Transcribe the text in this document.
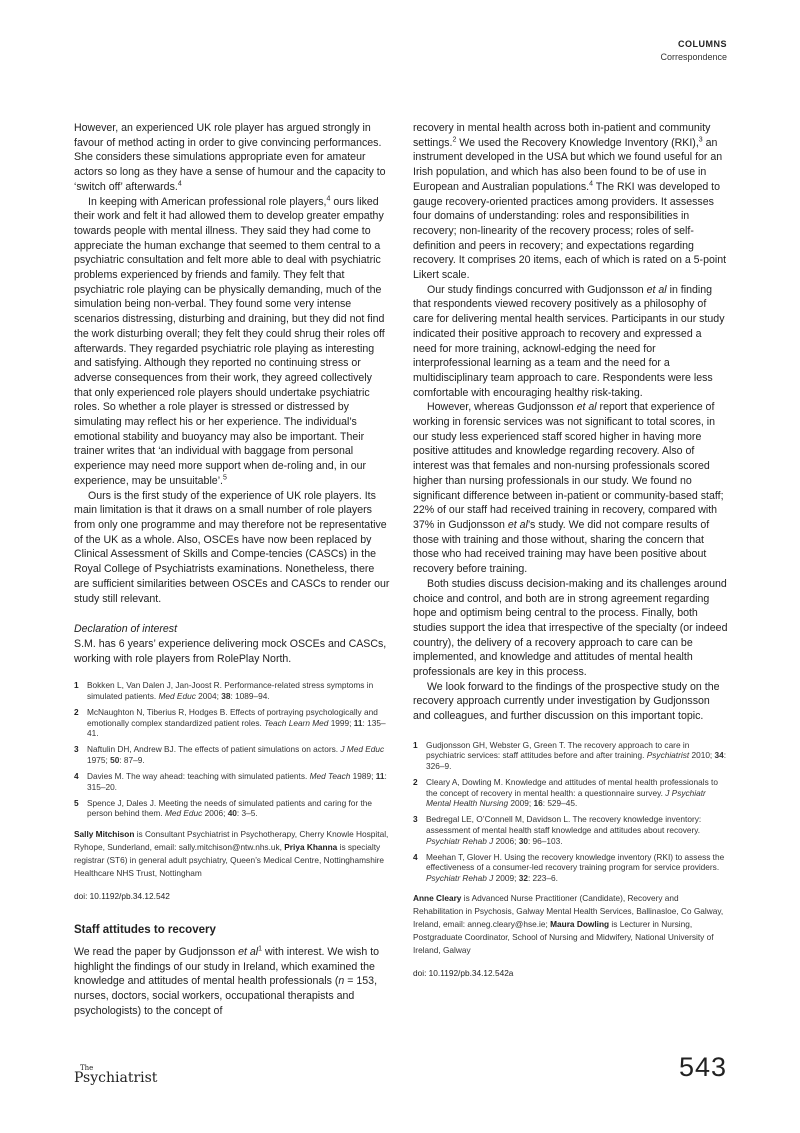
COLUMNS
Correspondence

However, an experienced UK role player has argued strongly in favour of method acting in order to give convincing performances. She considers these simulations appropriate even for amateur actors so long as they have a sense of humour and the capacity to ‘switch off’ afterwards.$^4$

In keeping with American professional role players,$^4$ ours liked their work and felt it had allowed them to develop greater empathy towards people with mental illness. They said they had come to appreciate the human exchange that seemed to them central to a psychiatric consultation and felt more able to deal with psychiatric problems experienced by friends and family. They felt that psychiatric role playing can be physically demanding, much of the simulation being non-verbal. They found some very intense scenarios distressing, disturbing and draining, but they did not find the work disturbing overall; they felt they could shrug their roles off afterwards. They regarded psychiatric role playing as interesting and satisfying. Although they reported no continuing stress or adverse consequences from their work, they agreed collectively that only experienced role players should undertake psychiatric roles. So whether a role player is stressed or distressed by simulating may reflect his or her experience. The individual’s emotional stability and buoyancy may also be important. Their trainer writes that ‘an individual with baggage from personal experience may need more support when de-roling and, in our experience, may be unsuitable’.$^5$

Ours is the first study of the experience of UK role players. Its main limitation is that it draws on a small number of role players from only one programme and may therefore not be representative of the UK as a whole. Also, OSCEs have now been replaced by Clinical Assessment of Skills and Compe-tencies (CASCs) in the Royal College of Psychiatrists examinations. Nonetheless, there are sufficient similarities between OSCEs and CASCs to render our study still relevant.

Declaration of interest

S.M. has 6 years’ experience delivering mock OSCEs and CASCs, working with role players from RolePlay North.

1 Bokken L, Van Dalen J, Jan-Joost R. Performance-related stress symptoms in simulated patients. Med Educ 2004; 38: 1089–94.
2 McNaughton N, Tiberius R, Hodges B. Effects of portraying psychologically and emotionally complex standardized patient roles. Teach Learn Med 1999; 11: 135–41.
3 Naftulin DH, Andrew BJ. The effects of patient simulations on actors. J Med Educ 1975; 50: 87–9.
4 Davies M. The way ahead: teaching with simulated patients. Med Teach 1989; 11: 315–20.
5 Spence J, Dales J. Meeting the needs of simulated patients and caring for the person behind them. Med Educ 2006; 40: 3–5.
Sally Mitchison is Consultant Psychiatrist in Psychotherapy, Cherry Knowle Hospital, Ryhope, Sunderland, email: sally.mitchison@ntw.nhs.uk, Priya Khanna is specialty registrar (ST6) in general adult psychiatry, Queen’s Medical Centre, Nottinghamshire Healthcare NHS Trust, Nottingham
doi: 10.1192/pb.34.12.542
Staff attitudes to recovery

We read the paper by Gudjonsson et $al^1$ with interest. We wish to highlight the findings of our study in Ireland, which examined the knowledge and attitudes of mental health professionals (n = 153, nurses, doctors, social workers, occupational therapists and psychologists) to the concept of

recovery in mental health across both in-patient and community settings.$^2$ We used the Recovery Knowledge Inventory (RKI),$^3$ an instrument developed in the USA but which we found useful for an Irish population, and which has also been found to be of use in European and Australian populations.$^4$ The RKI was developed to gauge recovery-oriented practices among providers. It assesses four domains of understanding: roles and responsibilities in recovery; non-linearity of the recovery process; roles of self-definition and peers in recovery; and expectations regarding recovery. It comprises 20 items, each of which is rated on a 5-point Likert scale.

Our study findings concurred with Gudjonsson et al in finding that respondents viewed recovery positively as a philosophy of care for delivering mental health services. Participants in our study indicated their positive approach to recovery and expressed a need for more training, acknowl-edging the need for interprofessional learning as a team and the need for a multidisciplinary team approach to care. Respondents were less comfortable with encouraging healthy risk-taking.

However, whereas Gudjonsson et al report that experience of working in forensic services was not significant to total scores, in our study less experienced staff scored higher in having more positive attitudes and knowledge regarding recovery. Also of interest was that females and non-nursing professionals scored higher than nursing professionals in our study. We found no significant difference between in-patient or community-based staff; 22% of our staff had received training in recovery, compared with 37% in Gudjonsson et al’s study. We did not compare results of those with training and those without, sharing the concern that those who had received training may have been positive about recovery before training.

Both studies discuss decision-making and its challenges around choice and control, and both are in strong agreement regarding hope and optimism being central to the process. Finally, both studies support the idea that irrespective of the specialty (or indeed country), the delivery of a recovery approach to care can be implemented, and knowledge and attitudes of mental health professionals are key in this process.

We look forward to the findings of the prospective study on the recovery approach currently under investigation by Gudjonsson and colleagues, and further discussion on this important topic.

1 Gudjonsson GH, Webster G, Green T. The recovery approach to care in psychiatric services: staff attitudes before and after training. Psychiatrist 2010; 34: 326–9.
2 Cleary A, Dowling M. Knowledge and attitudes of mental health professionals to the concept of recovery in mental health: a questionnaire survey. J Psychiatr Mental Health Nursing 2009; 16: 529–45.
3 Bedregal LE, O’Connell M, Davidson L. The recovery knowledge inventory: assessment of mental health staff knowledge and attitudes about recovery. Psychiatr Rehab J 2006; 30: 96–103.
4 Meehan T, Glover H. Using the recovery knowledge inventory (RKI) to assess the effectiveness of a consumer-led recovery training program for service providers. Psychiatr Rehab J 2009; 32: 223–6.
Anne Cleary is Advanced Nurse Practitioner (Candidate), Recovery and Rehabilitation in Psychosis, Galway Mental Health Services, Ballinasloe, Co Galway, Ireland, email: anneg.cleary@hse.ie; Maura Dowling is Lecturer in Nursing, Postgraduate Coordinator, School of Nursing and Midwifery, National University of Ireland, Galway
doi: 10.1192/pb.34.12.542a
The
Psychiatrist	543
